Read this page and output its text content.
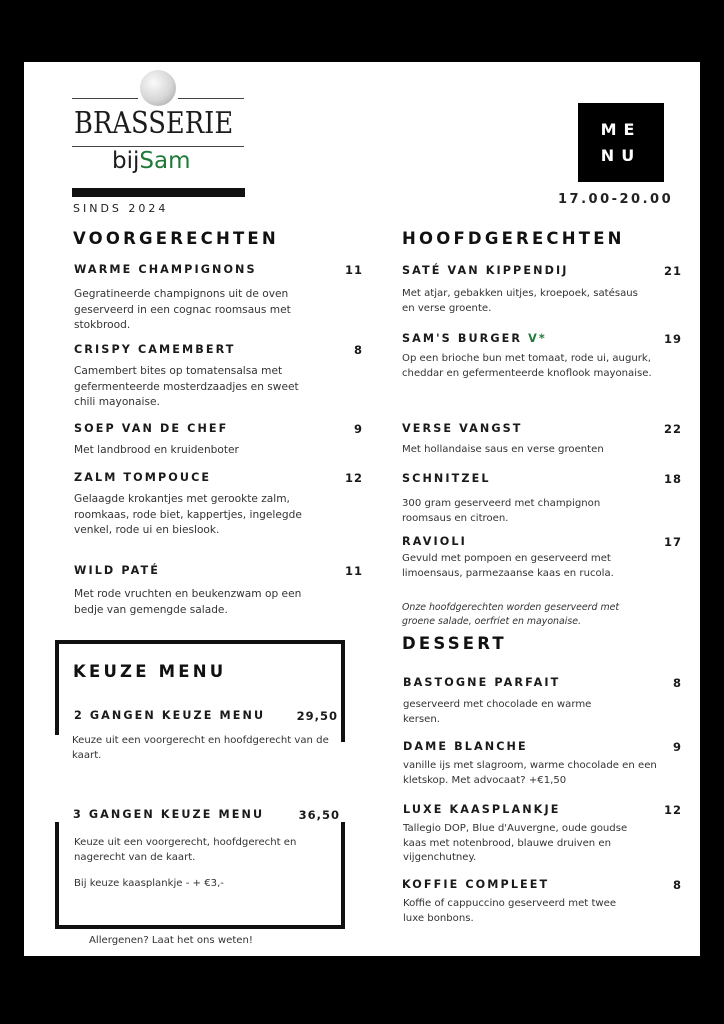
BRASSERIE
bijSam
SINDS 2024
ME
NU
17.00-20.00
VOORGERECHTEN
WARME CHAMPIGNONS	11
Gegratineerde champignons uit de oven geserveerd in een cognac roomsaus met stokbrood.
CRISPY CAMEMBERT	8
Camembert bites op tomatensalsa met gefermenteerde mosterdzaadjes en sweet chili mayonaise.
SOEP VAN DE CHEF	9
Met landbrood en kruidenboter
ZALM TOMPOUCE	12
Gelaagde krokantjes met gerookte zalm, roomkaas, rode biet, kappertjes, ingelegde venkel, rode ui en bieslook.
WILD PATÉ	11
Met rode vruchten en beukenzwam op een bedje van gemengde salade.
KEUZE MENU
2 GANGEN KEUZE MENU	29,50
Keuze uit een voorgerecht en hoofdgerecht van de kaart.
3 GANGEN KEUZE MENU	36,50
Keuze uit een voorgerecht, hoofdgerecht en nagerecht van de kaart.
Bij keuze kaasplankje - + €3,-
Allergenen? Laat het ons weten!
HOOFDGERECHTEN
SATÉ VAN KIPPENDIJ	21
Met atjar, gebakken uitjes, kroepoek, satésaus en verse groente.
SAM'S BURGER V*	19
Op een brioche bun met tomaat, rode ui, augurk, cheddar en gefermenteerde knoflook mayonaise.
VERSE VANGST	22
Met hollandaise saus en verse groenten
SCHNITZEL	18
300 gram geserveerd met champignon roomsaus en citroen.
RAVIOLI	17
Gevuld met pompoen en geserveerd met limoensaus, parmezaanse kaas en rucola.
Onze hoofdgerechten worden geserveerd met groene salade, oerfriet en mayonaise.
DESSERT
BASTOGNE PARFAIT	8
geserveerd met chocolade en warme kersen.
DAME BLANCHE	9
vanille ijs met slagroom, warme chocolade en een kletskop. Met advocaat? +€1,50
LUXE KAASPLANKJE	12
Tallegio DOP, Blue d'Auvergne, oude goudse kaas met notenbrood, blauwe druiven en vijgenchutney.
KOFFIE COMPLEET	8
Koffie of cappuccino geserveerd met twee luxe bonbons.
